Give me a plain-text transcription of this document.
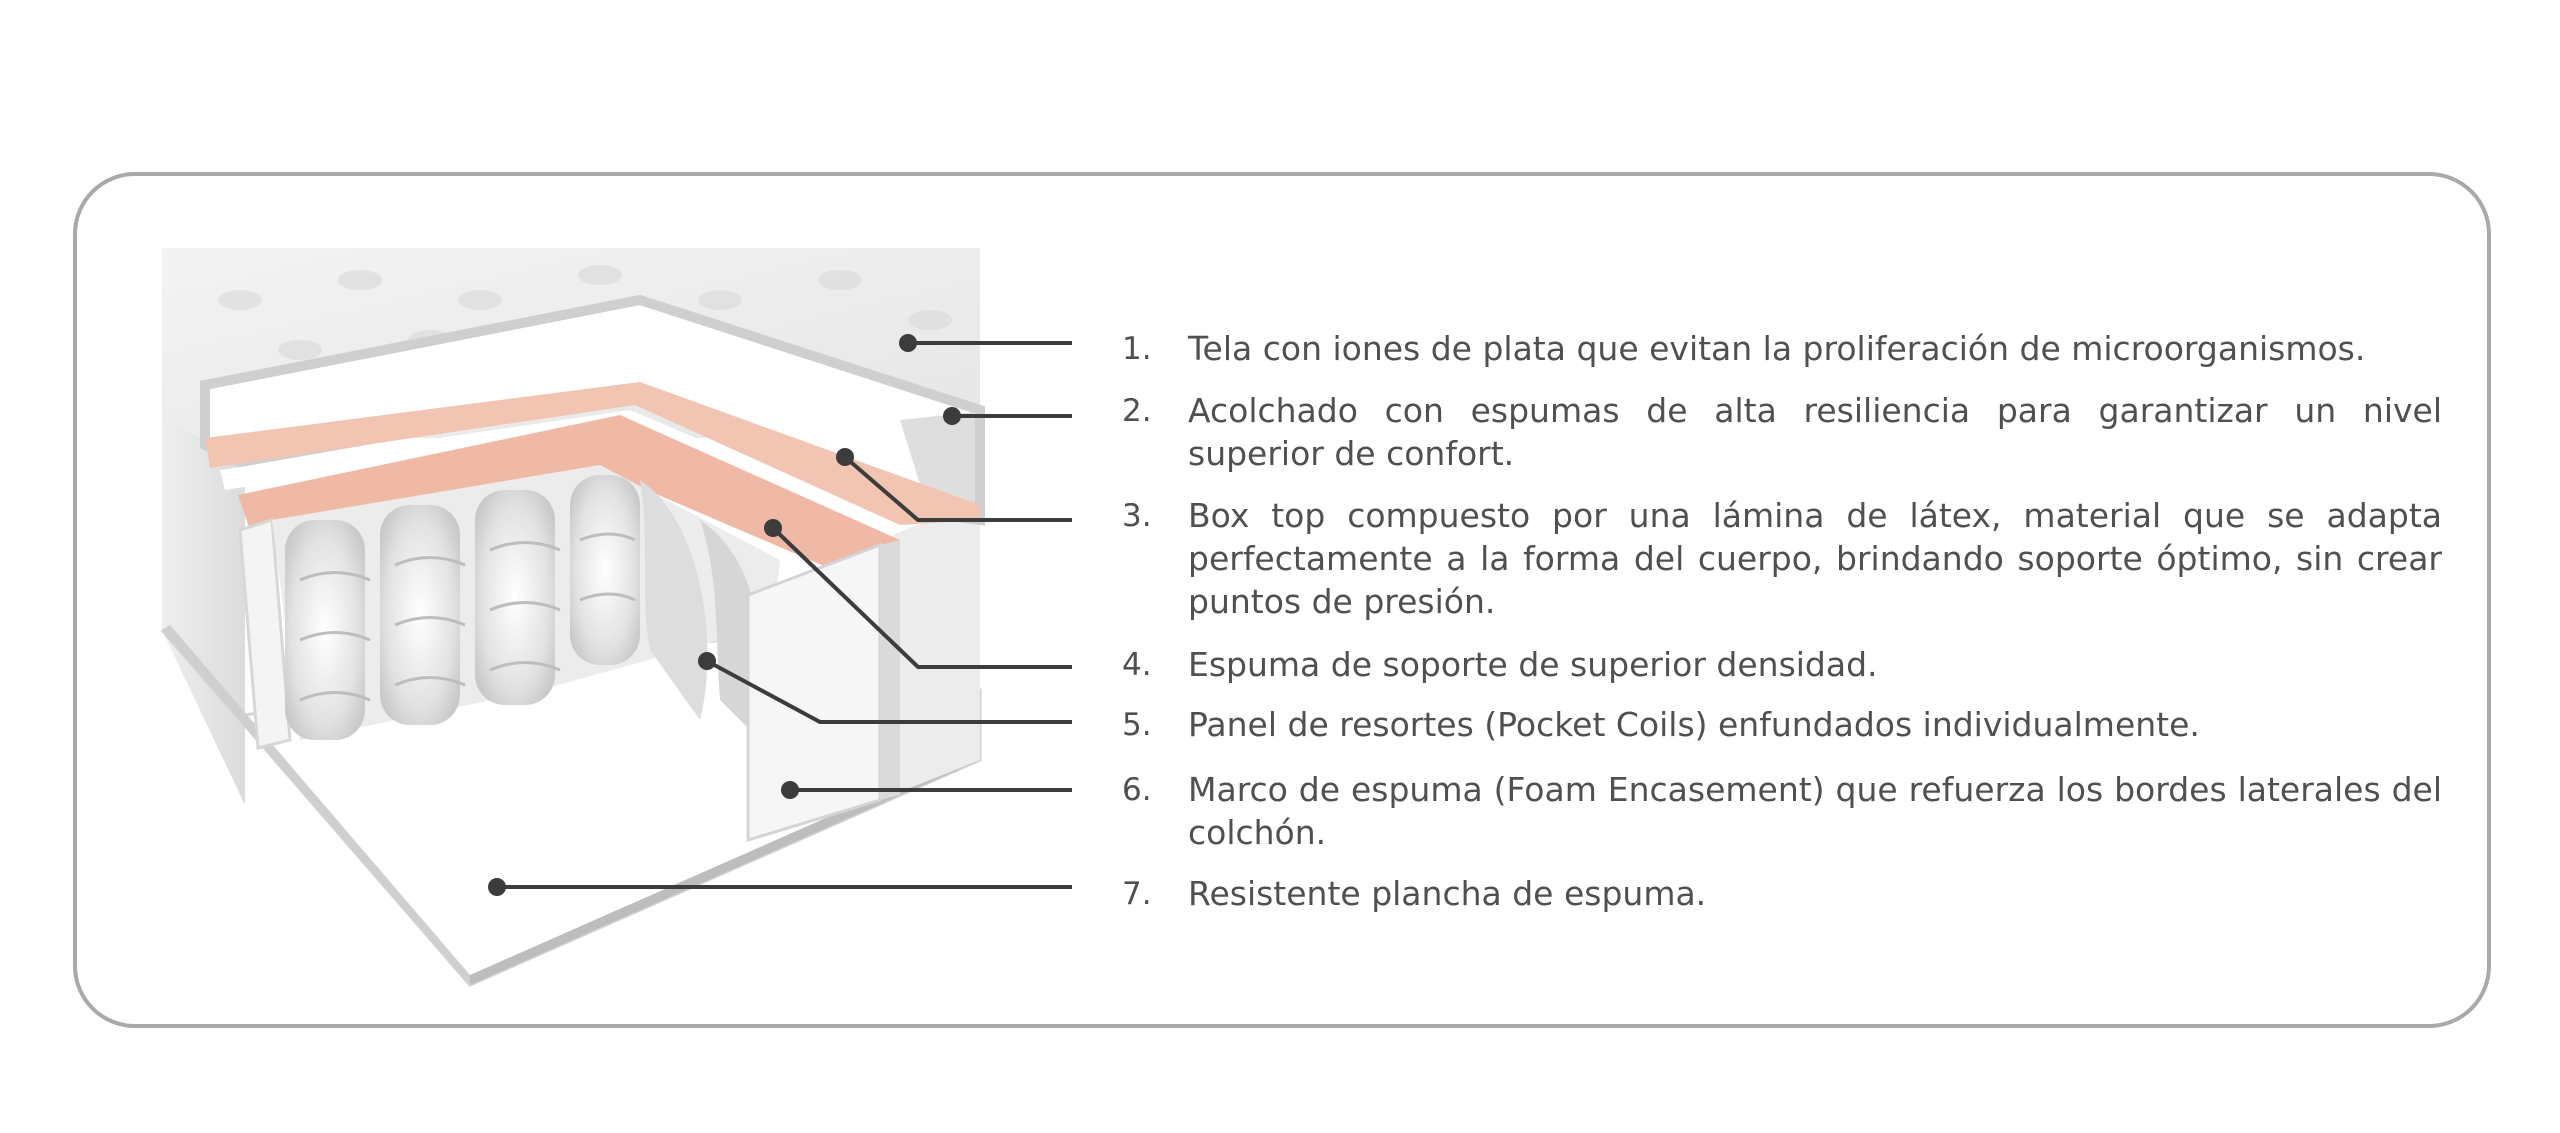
1. Tela con iones de plata que evitan la proliferación de microorganismos.
2. Acolchado con espumas de alta resiliencia para garantizar un nivel superior de confort.
3. Box top compuesto por una lámina de látex, material que se adapta perfectamente a la forma del cuerpo, brindando soporte óptimo, sin crear puntos de presión.
4. Espuma de soporte de superior densidad.
5. Panel de resortes (Pocket Coils) enfundados individualmente.
6. Marco de espuma (Foam Encasement) que refuerza los bordes laterales del colchón.
7. Resistente plancha de espuma.
